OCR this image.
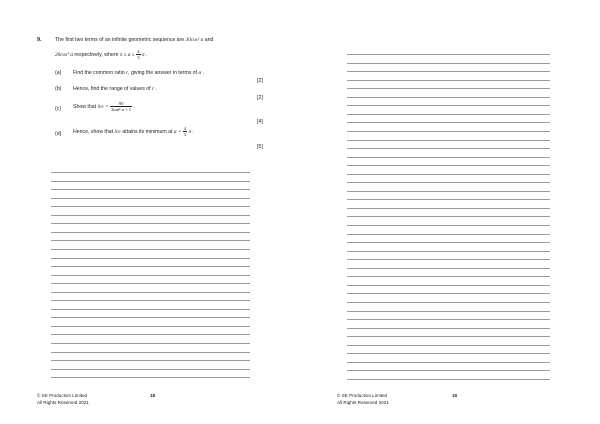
9.	The first two terms of an infinite geometric sequence are 30cos² α and
20cos⁴ α respectively, where $\pi \le \alpha \le \frac{4}{3}$ π .
(a) Find the common ratio r, giving the answer in terms of α .
[2]
(b) Hence, find the range of values of r .
[2]
(c) Show that $S\infty = \frac{90}{\text{3tan² α + 1}}$ .
[4]
(d) Hence, show that S∞ attains its minimum at $\alpha = \frac{4}{3}$ π .
[5]
© SE Production Limited
All Rights Reserved 2021
18	© SE Production Limited
All Rights Reserved 2021
19
